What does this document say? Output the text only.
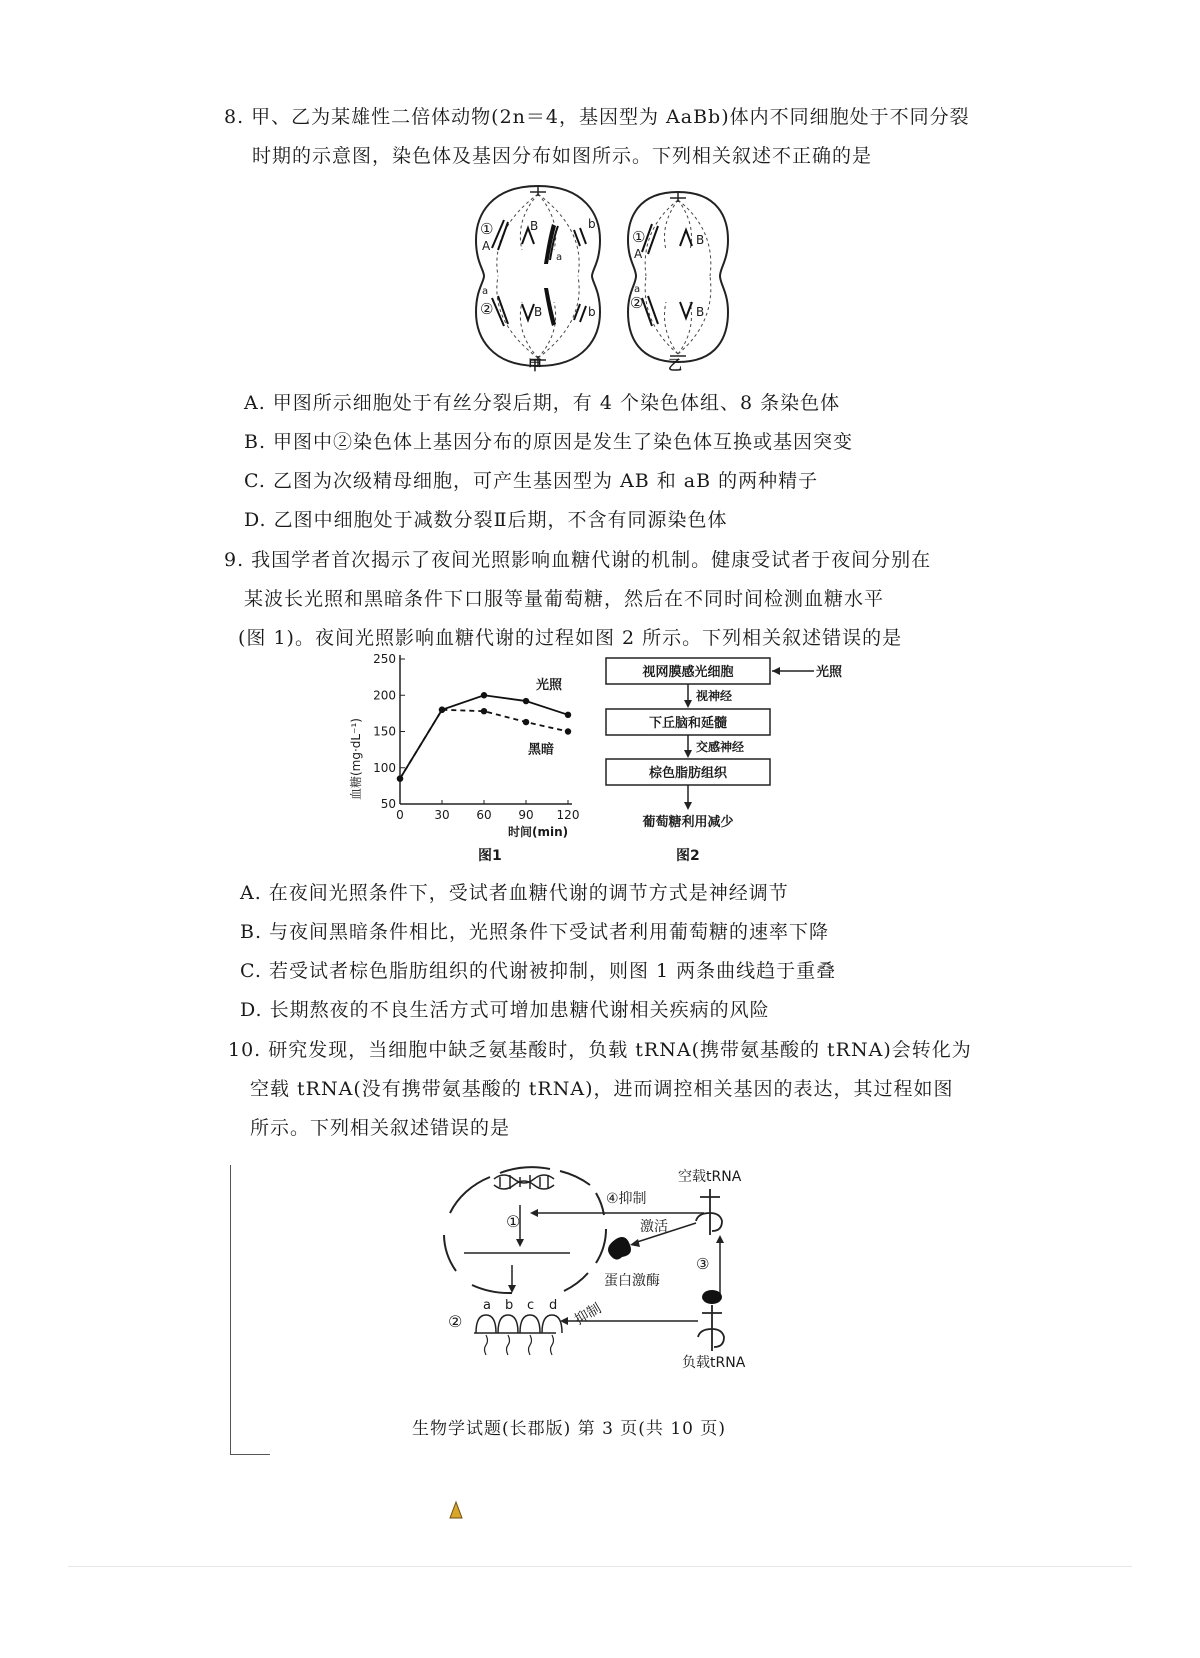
8. 甲、乙为某雄性二倍体动物(2n＝4，基因型为 AaBb)体内不同细胞处于不同分裂
时期的示意图，染色体及基因分布如图所示。下列相关叙述不正确的是
①
A
B
a
b
a
②	B	b
①
A
B
a
②	B
甲	乙
A. 甲图所示细胞处于有丝分裂后期，有 4 个染色体组、8 条染色体
B. 甲图中②染色体上基因分布的原因是发生了染色体互换或基因突变
C. 乙图为次级精母细胞，可产生基因型为 AB 和 aB 的两种精子
D. 乙图中细胞处于减数分裂Ⅱ后期，不含有同源染色体
9. 我国学者首次揭示了夜间光照影响血糖代谢的机制。健康受试者于夜间分别在
某波长光照和黑暗条件下口服等量葡萄糖，然后在不同时间检测血糖水平
(图 1)。夜间光照影响血糖代谢的过程如图 2 所示。下列相关叙述错误的是
50
100
150
200
250
0	30 60 90 120
光照
黑暗
血糖(mg·dL⁻¹)
时间(min)
图1
视网膜感光细胞	光照
视神经
下丘脑和延髓
交感神经
棕色脂肪组织
葡萄糖利用减少
图2
A. 在夜间光照条件下，受试者血糖代谢的调节方式是神经调节
B. 与夜间黑暗条件相比，光照条件下受试者利用葡萄糖的速率下降
C. 若受试者棕色脂肪组织的代谢被抑制，则图 1 两条曲线趋于重叠
D. 长期熬夜的不良生活方式可增加患糖代谢相关疾病的风险
10. 研究发现，当细胞中缺乏氨基酸时，负载 tRNA(携带氨基酸的 tRNA)会转化为
空载 tRNA(没有携带氨基酸的 tRNA)，进而调控相关基因的表达，其过程如图
所示。下列相关叙述错误的是
①
④抑制
空载tRNA
激活
蛋白激酶
抑制
③
负载tRNA
②
a b c d
生物学试题(长郡版) 第 3 页(共 10 页)
